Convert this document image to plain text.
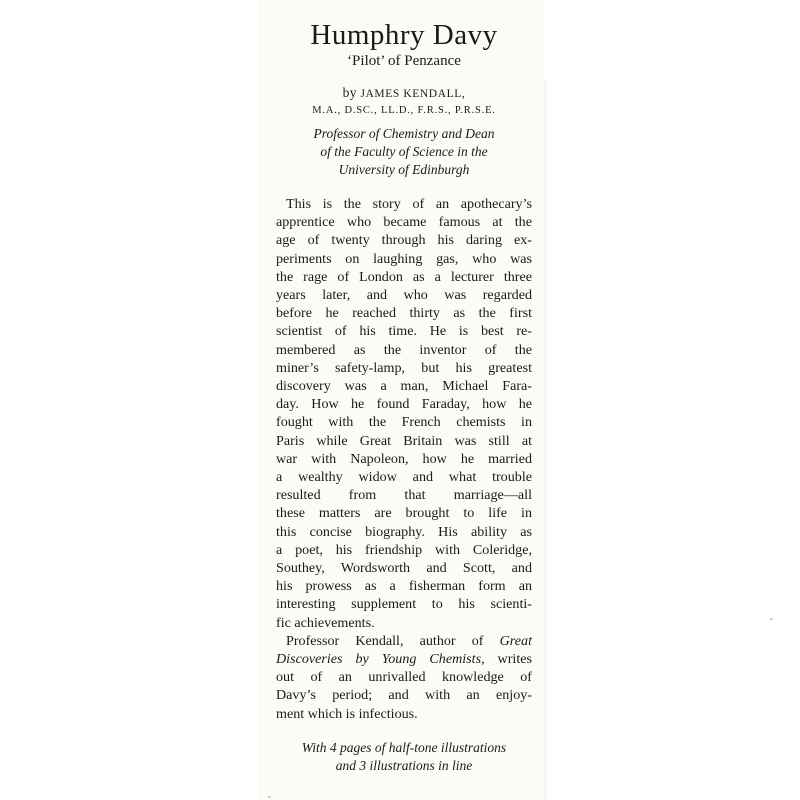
Humphry Davy

‘Pilot’ of Penzance

by JAMES KENDALL,

M.A., D.SC., LL.D., F.R.S., P.R.S.E.

Professor of Chemistry and Dean
of the Faculty of Science in the
University of Edinburgh

This is the story of an apothecary’s
apprentice who became famous at the
age of twenty through his daring ex-
periments on laughing gas, who was
the rage of London as a lecturer three
years later, and who was regarded
before he reached thirty as the first
scientist of his time. He is best re-
membered as the inventor of the
miner’s safety-lamp, but his greatest
discovery was a man, Michael Fara-
day. How he found Faraday, how he
fought with the French chemists in
Paris while Great Britain was still at
war with Napoleon, how he married
a wealthy widow and what trouble
resulted from that marriage—all
these matters are brought to life in
this concise biography. His ability as
a poet, his friendship with Coleridge,
Southey, Wordsworth and Scott, and
his prowess as a fisherman form an
interesting supplement to his scienti-
fic achievements.
Professor Kendall, author of Great
Discoveries by Young Chemists, writes
out of an unrivalled knowledge of
Davy’s period; and with an enjoy-
ment which is infectious.

With 4 pages of half-tone illustrations
and 3 illustrations in line
